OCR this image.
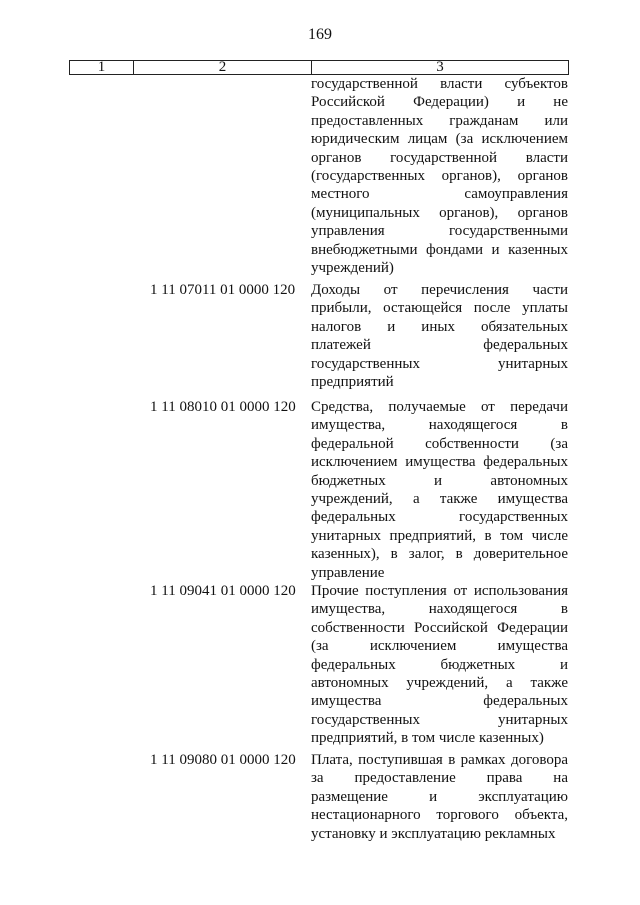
169
1	2	3
государственной власти субъектов
Российской Федерации) и не
предоставленных гражданам или
юридическим лицам (за исключением
органов государственной власти
(государственных органов), органов
местного самоуправления
(муниципальных органов), органов
управления государственными
внебюджетными фондами и казенных
учреждений)
1 11 07011 01 0000 120	Доходы от перечисления части
прибыли, остающейся после уплаты
налогов и иных обязательных
платежей федеральных
государственных унитарных
предприятий
1 11 08010 01 0000 120 Средства, получаемые от передачи
имущества, находящегося в
федеральной собственности (за
исключением имущества федеральных
бюджетных и автономных
учреждений, а также имущества
федеральных государственных
унитарных предприятий, в том числе
казенных), в залог, в доверительное
управление
1 11 09041 01 0000 120 Прочие поступления от использования
имущества, находящегося в
собственности Российской Федерации
(за исключением имущества
федеральных бюджетных и
автономных учреждений, а также
имущества федеральных
государственных унитарных
предприятий, в том числе казенных)
1 11 09080 01 0000 120 Плата, поступившая в рамках договора
за предоставление права на
размещение и эксплуатацию
нестационарного торгового объекта,
установку и эксплуатацию рекламных
